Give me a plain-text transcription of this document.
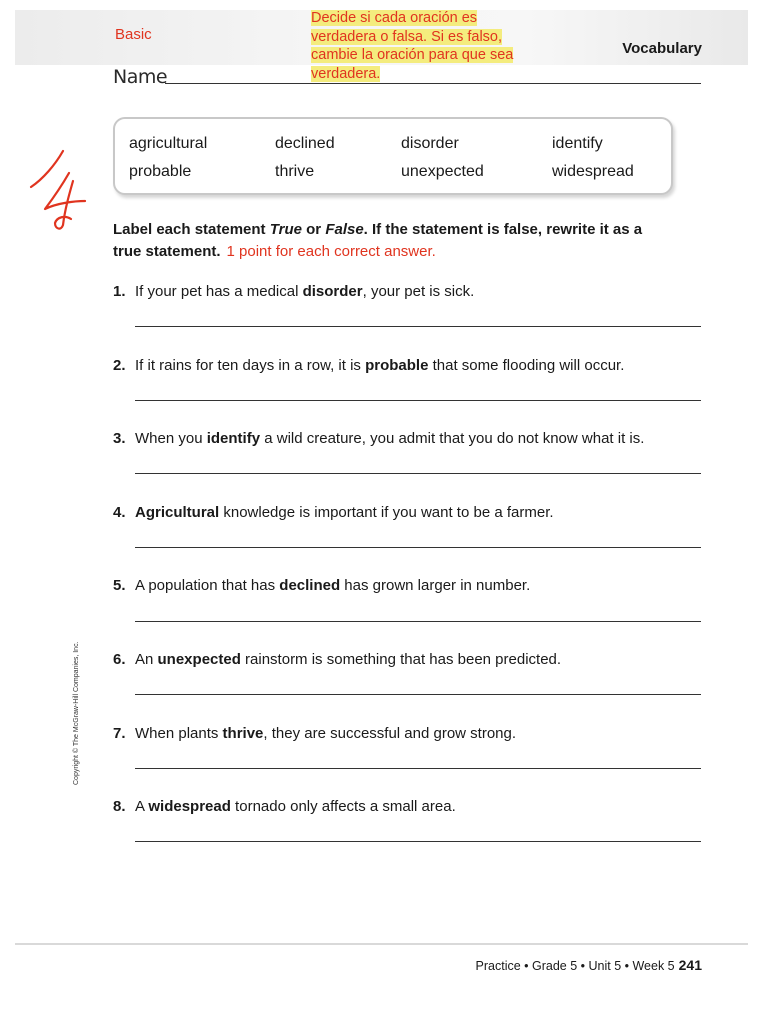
Basic
Decide si cada oración es
verdadera o falsa. Si es falso,
cambie la oración para que sea
verdadera.
Vocabulary
Name
agricultural	declined	disorder	identify
probable	thrive	unexpected	widespread
Label each statement True or False. If the statement is false, rewrite it as a true statement. 1 point for each correct answer.
1. If your pet has a medical disorder, your pet is sick.
2. If it rains for ten days in a row, it is probable that some flooding will occur.
3. When you identify a wild creature, you admit that you do not know what it is.
4. Agricultural knowledge is important if you want to be a farmer.
5. A population that has declined has grown larger in number.
6. An unexpected rainstorm is something that has been predicted.
7. When plants thrive, they are successful and grow strong.
8. A widespread tornado only affects a small area.
Copyright © The McGraw-Hill Companies, Inc.
Practice • Grade 5 • Unit 5 • Week 5 241
